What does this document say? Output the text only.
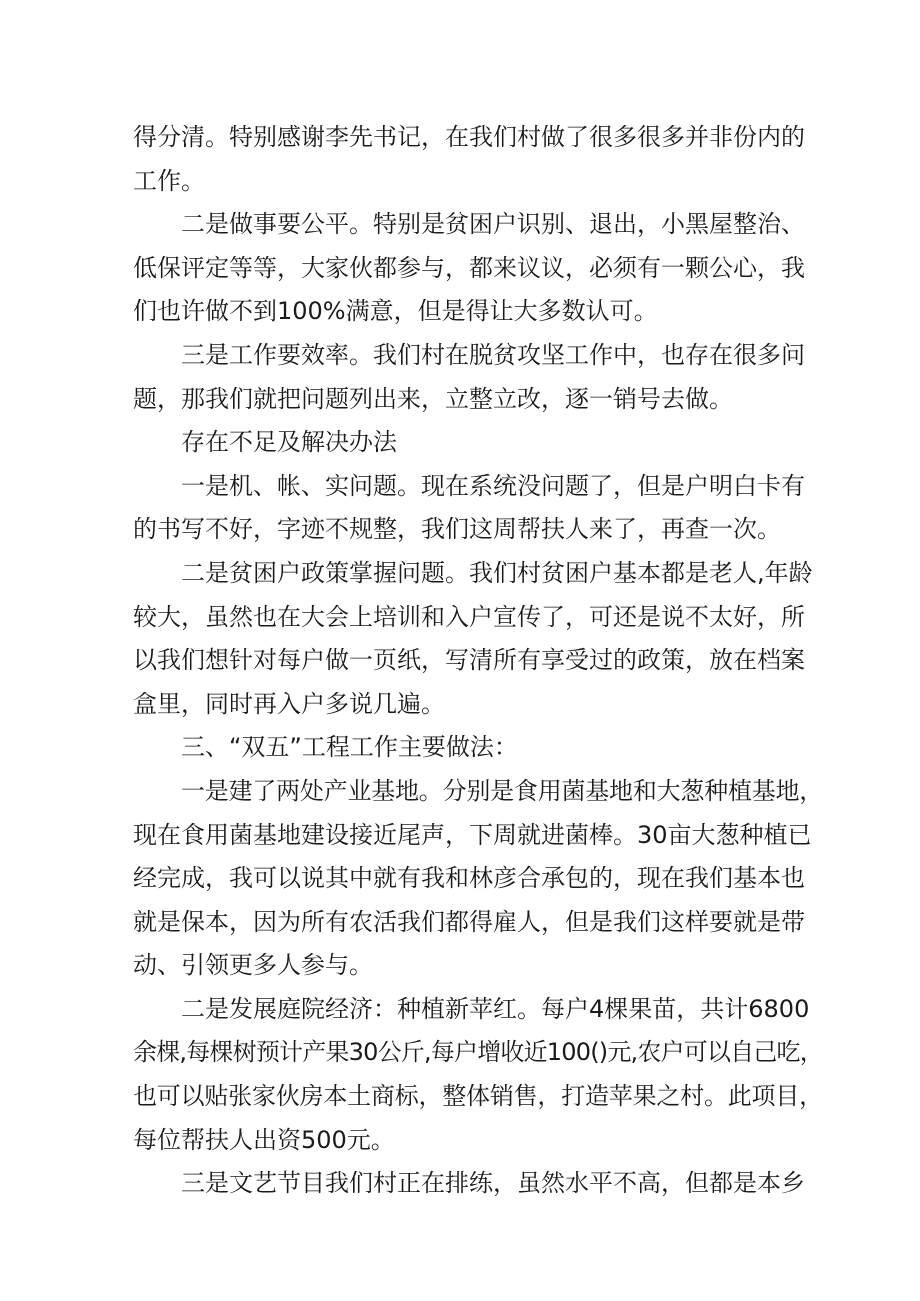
得分清。特别感谢李先书记，在我们村做了很多很多并非份内的
工作。
二是做事要公平。特别是贫困户识别、退出，小黑屋整治、
低保评定等等，大家伙都参与，都来议议，必须有一颗公心，我
们也许做不到100%满意，但是得让大多数认可。
三是工作要效率。我们村在脱贫攻坚工作中，也存在很多问
题，那我们就把问题列出来，立整立改，逐一销号去做。
存在不足及解决办法
一是机、帐、实问题。现在系统没问题了，但是户明白卡有
的书写不好，字迹不规整，我们这周帮扶人来了，再查一次。
二是贫困户政策掌握问题。我们村贫困户基本都是老人,年龄
较大，虽然也在大会上培训和入户宣传了，可还是说不太好，所
以我们想针对每户做一页纸，写清所有享受过的政策，放在档案
盒里，同时再入户多说几遍。
三、“双五”工程工作主要做法：
一是建了两处产业基地。分别是食用菌基地和大葱种植基地，
现在食用菌基地建设接近尾声，下周就进菌棒。30亩大葱种植已
经完成，我可以说其中就有我和林彦合承包的，现在我们基本也
就是保本，因为所有农活我们都得雇人，但是我们这样要就是带
动、引领更多人参与。
二是发展庭院经济：种植新苹红。每户4棵果苗，共计6800
余棵,每棵树预计产果30公斤,每户增收近100()元,农户可以自己吃，
也可以贴张家伙房本土商标，整体销售，打造苹果之村。此项目，
每位帮扶人出资500元。
三是文艺节目我们村正在排练，虽然水平不高，但都是本乡
